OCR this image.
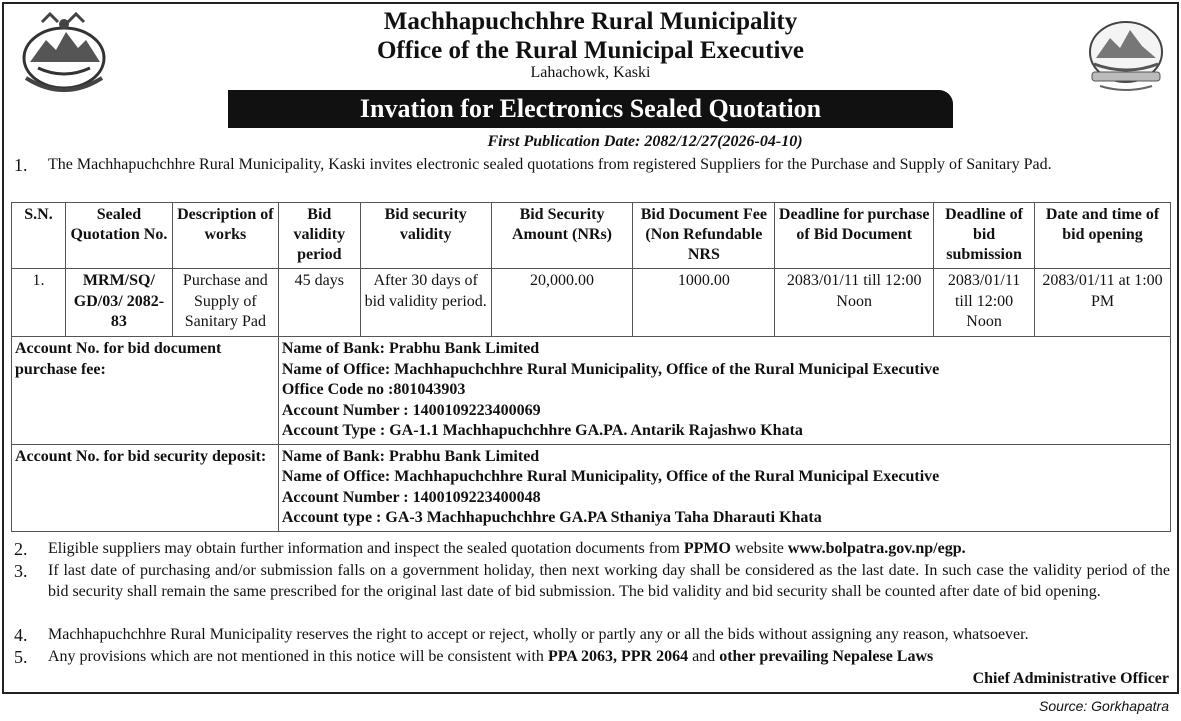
Machhapuchchhre Rural Municipality
Office of the Rural Municipal Executive
Lahachowk, Kaski
Invation for Electronics Sealed Quotation
First Publication Date: 2082/12/27(2026-04-10)
1. The Machhapuchchhre Rural Municipality, Kaski invites electronic sealed quotations from registered Suppliers for the Purchase and Supply of Sanitary Pad.
S.N.	Sealed Quotation No.	Description of works	Bid validity period	Bid security validity	Bid Security Amount (NRs)	Bid Document Fee (Non Refundable NRS	Deadline for purchase of Bid Document	Deadline of bid submission	Date and time of bid opening
1.	MRM/SQ/ GD/03/ 2082-83	Purchase and Supply of Sanitary Pad	45 days	After 30 days of bid validity period.	20,000.00	1000.00	2083/01/11 till 12:00 Noon	2083/01/11 till 12:00 Noon	2083/01/11 at 1:00 PM
Account No. for bid document purchase fee:			Name of Bank: Prabhu Bank Limited
Name of Office: Machhapuchchhre Rural Municipality, Office of the Rural Municipal Executive
Office Code no :801043903
Account Number : 1400109223400069
Account Type : GA-1.1 Machhapuchchhre GA.PA. Antarik Rajashwo Khata						

Account No. for bid security deposit:			Name of Bank: Prabhu Bank Limited
Name of Office: Machhapuchchhre Rural Municipality, Office of the Rural Municipal Executive
Account Number : 1400109223400048
Account type : GA-3 Machhapuchchhre GA.PA Sthaniya Taha Dharauti Khata						
2. Eligible suppliers may obtain further information and inspect the sealed quotation documents from PPMO website www.bolpatra.gov.np/egp.
3. If last date of purchasing and/or submission falls on a government holiday, then next working day shall be considered as the last date. In such case the validity period of the bid security shall remain the same prescribed for the original last date of bid submission. The bid validity and bid security shall be counted after date of bid opening.
4. Machhapuchchhre Rural Municipality reserves the right to accept or reject, wholly or partly any or all the bids without assigning any reason, whatsoever.
5. Any provisions which are not mentioned in this notice will be consistent with PPA 2063, PPR 2064 and other prevailing Nepalese Laws
Chief Administrative Officer
Source: Gorkhapatra
